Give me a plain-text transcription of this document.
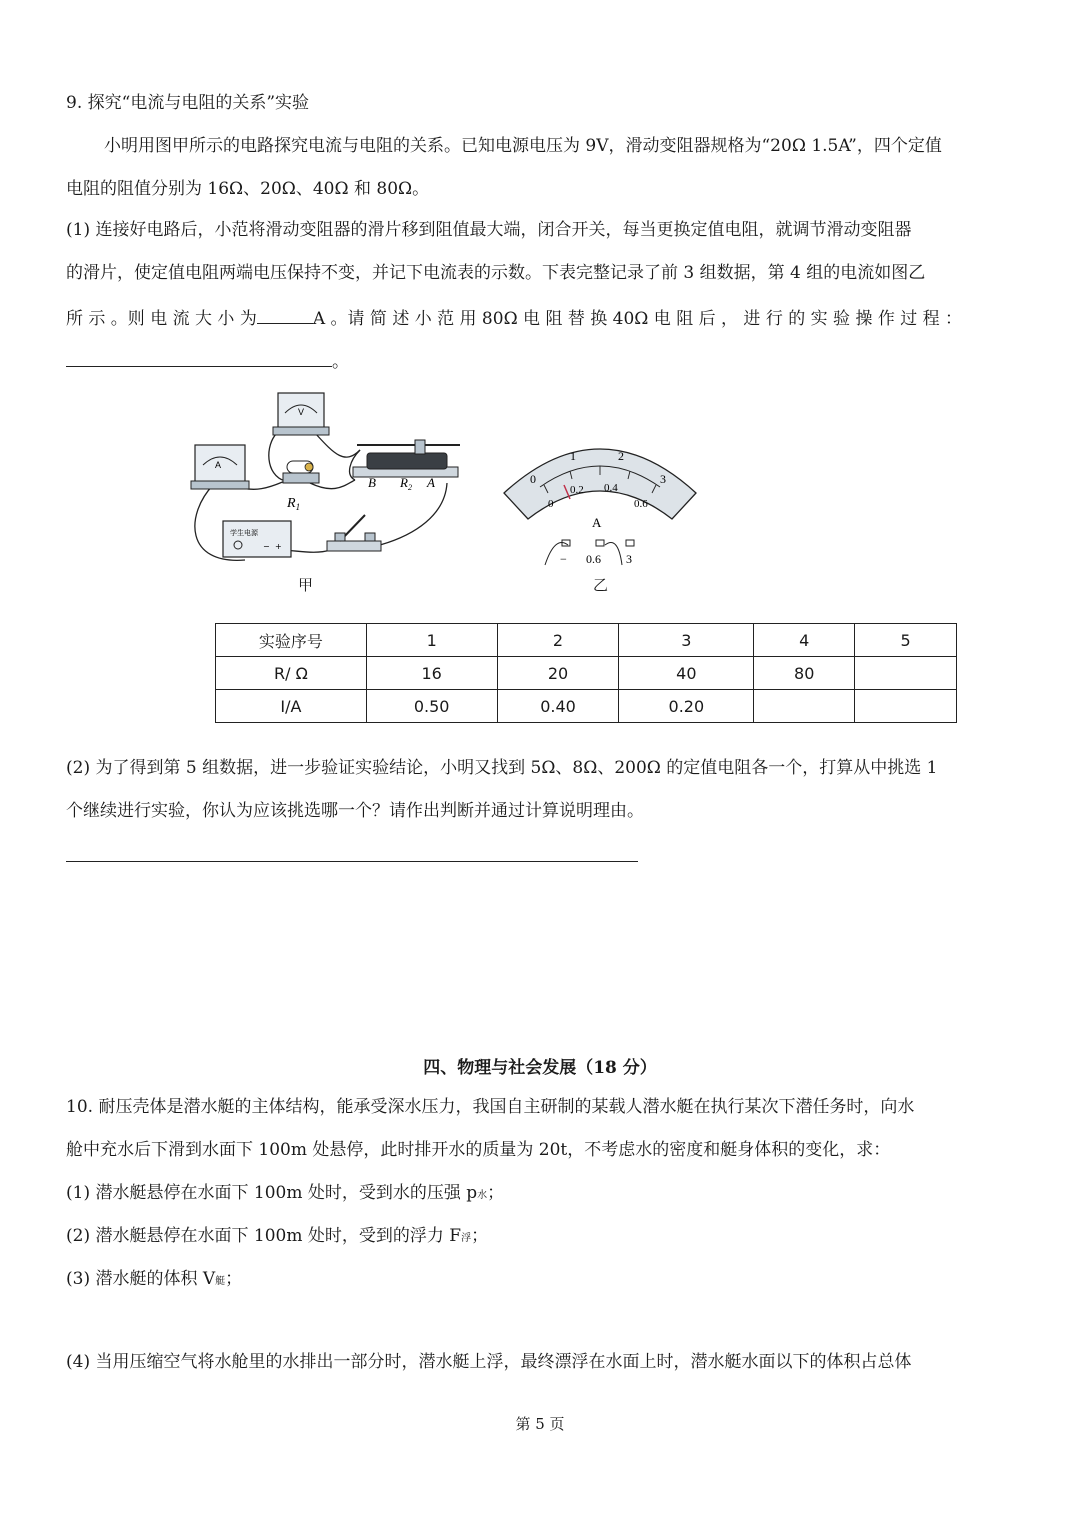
9. 探究“电流与电阻的关系”实验
小明用图甲所示的电路探究电流与电阻的关系。已知电源电压为 9V，滑动变阻器规格为“20Ω 1.5A”，四个定值
电阻的阻值分别为 16Ω、20Ω、40Ω 和 80Ω。
(1) 连接好电路后，小范将滑动变阻器的滑片移到阻值最大端，闭合开关，每当更换定值电阻，就调节滑动变阻器
的滑片，使定值电阻两端电压保持不变，并记下电流表的示数。下表完整记录了前 3 组数据，第 4 组的电流如图乙
所 示 。则 电 流 大 小 为	A 。请 简 述 小 范 用 80Ω 电 阻 替 换 40Ω 电 阻 后 ， 进 行 的 实 验 操 作 过 程 ：
。
A
V
$R_1$
B $R_2$ A
学生电源
− +
甲
0
1	2
3
0
0.2 0.4
0.6
A
− 0.6 3
乙
实验序号	1	2	3	4	5
R/ Ω	16	20	40	80	
I/A	0.50	0.40	0.20		
(2) 为了得到第 5 组数据，进一步验证实验结论，小明又找到 5Ω、8Ω、200Ω 的定值电阻各一个，打算从中挑选 1
个继续进行实验，你认为应该挑选哪一个？请作出判断并通过计算说明理由。
四、物理与社会发展（18 分）
10. 耐压壳体是潜水艇的主体结构，能承受深水压力，我国自主研制的某载人潜水艇在执行某次下潜任务时，向水
舱中充水后下滑到水面下 100m 处悬停，此时排开水的质量为 20t，不考虑水的密度和艇身体积的变化，求：
(1) 潜水艇悬停在水面下 100m 处时，受到水的压强 p水；
(2) 潜水艇悬停在水面下 100m 处时，受到的浮力 F浮；
(3) 潜水艇的体积 V艇；
(4) 当用压缩空气将水舱里的水排出一部分时，潜水艇上浮，最终漂浮在水面上时，潜水艇水面以下的体积占总体
第 5 页
